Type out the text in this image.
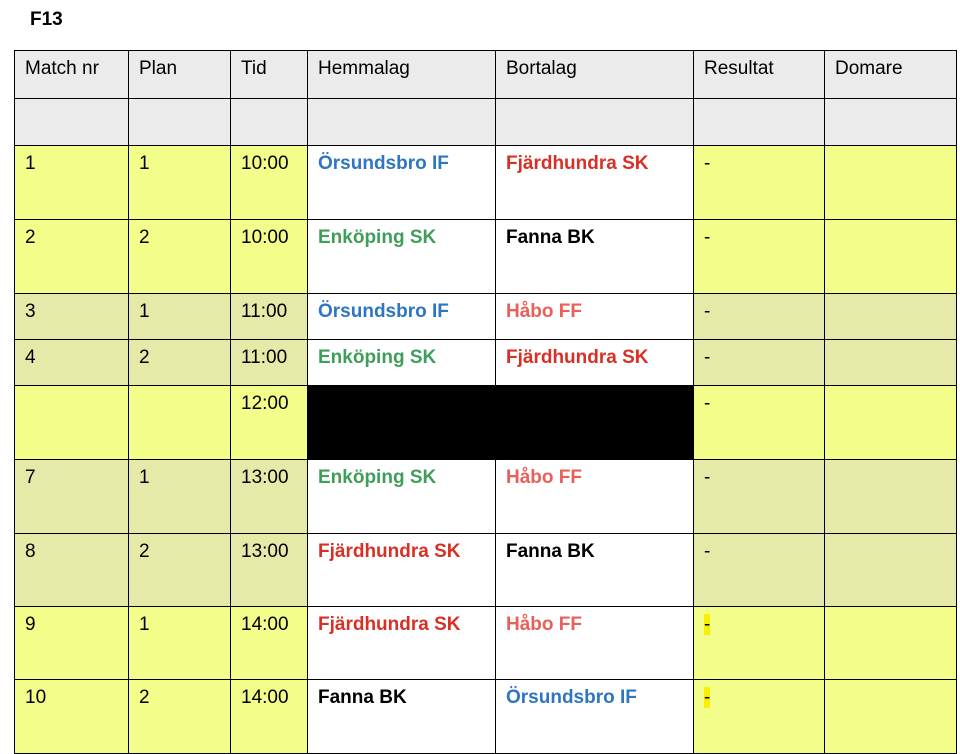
F13
Match nr	Plan	Tid	Hemmalag	Bortalag	Resultat	Domare

1	1	10:00	Örsundsbro IF	Fjärdhundra SK	-	
2	2	10:00	Enköping SK	Fanna BK	-	
3	1	11:00	Örsundsbro IF	Håbo FF	-	
4	2	11:00	Enköping SK	Fjärdhundra SK	-	
		12:00			-	
7	1	13:00	Enköping SK	Håbo FF	-	
8	2	13:00	Fjärdhundra SK	Fanna BK	-	
9	1	14:00	Fjärdhundra SK	Håbo FF	-	
10	2	14:00	Fanna BK	Örsundsbro IF	-	
